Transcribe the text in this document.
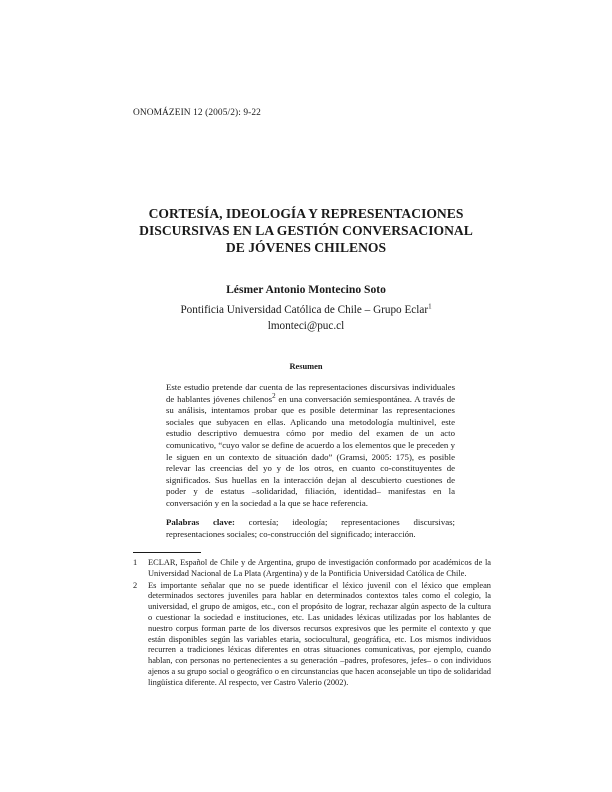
ONOMÁZEIN 12 (2005/2): 9-22
CORTESÍA, IDEOLOGÍA Y REPRESENTACIONES
DISCURSIVAS EN LA GESTIÓN CONVERSACIONAL
DE JÓVENES CHILENOS
Lésmer Antonio Montecino Soto
Pontificia Universidad Católica de Chile – Grupo Eclar$^1$
lmonteci@puc.cl
Resumen

Este estudio pretende dar cuenta de las representaciones discursivas individuales de hablantes jóvenes chilenos$^2$ en una conversación semiespontánea. A través de su análisis, intentamos probar que es posible determinar las representaciones sociales que subyacen en ellas. Aplicando una metodología multinivel, este estudio descriptivo demuestra cómo por medio del examen de un acto comunicativo, “cuyo valor se define de acuerdo a los elementos que le preceden y le siguen en un contexto de situación dado” (Gramsi, 2005: 175), es posible relevar las creencias del yo y de los otros, en cuanto co-constituyentes de significados. Sus huellas en la interacción dejan al descubierto cuestiones de poder y de estatus –solidaridad, filiación, identidad– manifestas en la conversación y en la sociedad a la que se hace referencia.

Palabras clave: cortesía; ideología; representaciones discursivas; representaciones sociales; co-construcción del significado; interacción.

1	ECLAR, Español de Chile y de Argentina, grupo de investigación conformado por académicos de la Universidad Nacional de La Plata (Argentina) y de la Pontificia Universidad Católica de Chile.
2	Es importante señalar que no se puede identificar el léxico juvenil con el léxico que emplean determinados sectores juveniles para hablar en determinados contextos tales como el colegio, la universidad, el grupo de amigos, etc., con el propósito de lograr, rechazar algún aspecto de la cultura o cuestionar la sociedad e instituciones, etc. Las unidades léxicas utilizadas por los hablantes de nuestro corpus forman parte de los diversos recursos expresivos que les permite el contexto y que están disponibles según las variables etaria, sociocultural, geográfica, etc. Los mismos individuos recurren a tradiciones léxicas diferentes en otras situaciones comunicativas, por ejemplo, cuando hablan, con personas no pertenecientes a su generación –padres, profesores, jefes– o con individuos ajenos a su grupo social o geográfico o en circunstancias que hacen aconsejable un tipo de solidaridad lingüística diferente. Al respecto, ver Castro Valerio (2002).
